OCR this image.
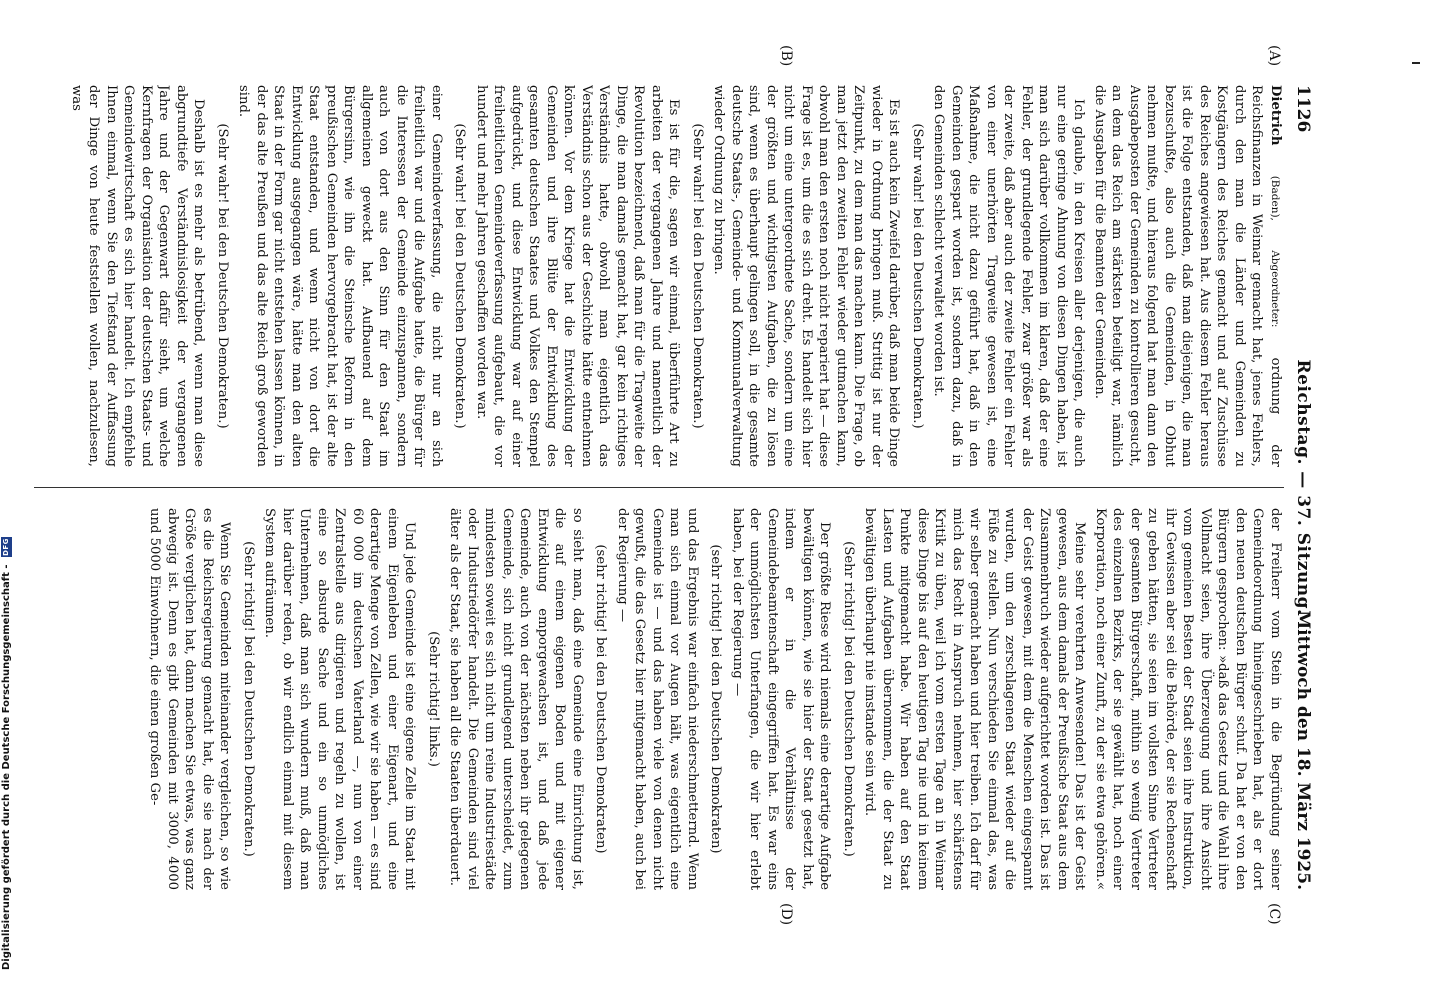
1126
Reichstag. — 37. Sitzung.
Mittwoch den 18. März 1925.
(A)
(B)
(C)
(D)

Dietrich (Baden), Abgeordneter: ordnung der Reichsfinanzen in Weimar gemacht hat, jenes Fehlers, durch den man die Länder und Gemeinden zu Kostgängern des Reiches gemacht und auf Zuschüsse des Reiches angewiesen hat. Aus diesem Fehler heraus ist die Folge entstanden, daß man diejenigen, die man bezuschußte, also auch die Gemeinden, in Obhut nehmen mußte, und hieraus folgend hat man dann den Ausgabeposten der Gemeinden zu kontrollieren gesucht, an dem das Reich am stärksten beteiligt war, nämlich die Ausgaben für die Beamten der Gemeinden.

Ich glaube, in den Kreisen aller derjenigen, die auch nur eine geringe Ahnung von diesen Dingen haben, ist man sich darüber vollkommen im klaren, daß der eine Fehler, der grundlegende Fehler, zwar größer war als der zweite, daß aber auch der zweite Fehler ein Fehler von einer unerhörten Tragweite gewesen ist, eine Maßnahme, die nicht dazu geführt hat, daß in den Gemeinden gespart worden ist, sondern dazu, daß in den Gemeinden schlecht verwaltet worden ist.

(Sehr wahr! bei den Deutschen Demokraten.)

Es ist auch kein Zweifel darüber, daß man beide Dinge wieder in Ordnung bringen muß. Strittig ist nur der Zeitpunkt, zu dem man das machen kann. Die Frage, ob man jetzt den zweiten Fehler wieder gutmachen kann, obwohl man den ersten noch nicht repariert hat — diese Frage ist es, um die es sich dreht. Es handelt sich hier nicht um eine untergeordnete Sache, sondern um eine der größten und wichtigsten Aufgaben, die zu lösen sind, wenn es überhaupt gelingen soll, in die gesamte deutsche Staats-, Gemeinde- und Kommunalverwaltung wieder Ordnung zu bringen.

(Sehr wahr! bei den Deutschen Demokraten.)

Es ist für die, sagen wir einmal, überführte Art zu arbeiten der vergangenen Jahre und namentlich der Revolution bezeichnend, daß man für die Tragweite der Dinge, die man damals gemacht hat, gar kein richtiges Verständnis hatte, obwohl man eigentlich das Verständnis schon aus der Geschichte hätte entnehmen können. Vor dem Kriege hat die Entwicklung der Gemeinden und ihre Blüte der Entwicklung des gesamten deutschen Staates und Volkes den Stempel aufgedrückt, und diese Entwicklung war auf einer freiheitlichen Gemeindeverfassung aufgebaut, die vor hundert und mehr Jahren geschaffen worden war.

(Sehr wahr! bei den Deutschen Demokraten.)

einer Gemeindeverfassung, die nicht nur an sich freiheitlich war und die Aufgabe hatte, die Bürger für die Interessen der Gemeinde einzuspannen, sondern auch von dort aus den Sinn für den Staat im allgemeinen geweckt hat. Aufbauend auf dem Bürgersinn, wie ihn die Steinsche Reform in den preußischen Gemeinden hervorgebracht hat, ist der alte Staat entstanden, und wenn nicht von dort die Entwicklung ausgegangen wäre, hätte man den alten Staat in der Form gar nicht entstehen lassen können, in der das alte Preußen und das alte Reich groß geworden sind.

(Sehr wahr! bei den Deutschen Demokraten.)

Deshalb ist es mehr als betrübend, wenn man diese abgrundtiefe Verständnislosigkeit der vergangenen Jahre und der Gegenwart dafür sieht, um welche Kernfragen der Organisation der deutschen Staats- und Gemeindewirtschaft es sich hier handelt. Ich empfehle Ihnen einmal, wenn Sie den Tiefstand der Auffassung der Dinge von heute feststellen wollen, nachzulesen, was

der Freiherr vom Stein in die Begründung seiner Gemeindeordnung hineingeschrieben hat, als er dort den neuen deutschen Bürger schuf. Da hat er von den Bürgern gesprochen: »daß das Gesetz und die Wahl ihre Vollmacht seien, ihre Überzeugung und ihre Ansicht vom gemeinen Besten der Stadt seien ihre Instruktion, ihr Gewissen aber sei die Behörde, der sie Rechenschaft zu geben hätten, sie seien im vollsten Sinne Vertreter der gesamten Bürgerschaft, mithin so wenig Vertreter des einzelnen Bezirks, der sie gewählt hat, noch einer Korporation, noch einer Zunft, zu der sie etwa gehören.«

Meine sehr verehrten Anwesenden! Das ist der Geist gewesen, aus dem damals der Preußische Staat aus dem Zusammenbruch wieder aufgerichtet worden ist. Das ist der Geist gewesen, mit dem die Menschen eingespannt wurden, um den zerschlagenen Staat wieder auf die Füße zu stellen. Nun verschieden Sie einmal das, was wir selber gemacht haben und hier treiben. Ich darf für mich das Recht in Anspruch nehmen, hier schärfstens Kritik zu üben, weil ich vom ersten Tage an in Weimar diese Dinge bis auf den heutigen Tag nie und in keinem Punkte mitgemacht habe. Wir haben auf den Staat Lasten und Aufgaben übernommen, die der Staat zu bewältigen überhaupt nie imstande sein wird.

(Sehr richtig! bei den Deutschen Demokraten.)

Der größte Riese wird niemals eine derartige Aufgabe bewältigen können, wie sie hier der Staat gesetzt hat, indem er in die Verhältnisse der Gemeindebeamtenschaft eingegriffen hat. Es war eins der unmöglichsten Unterfangen, die wir hier erlebt haben, bei der Regierung —

(sehr richtig! bei den Deutschen Demokraten)

und das Ergebnis war einfach niederschmetternd. Wenn man sich einmal vor Augen hält, was eigentlich eine Gemeinde ist — und das haben viele von denen nicht gewußt, die das Gesetz hier mitgemacht haben, auch bei der Regierung —

(sehr richtig! bei den Deutschen Demokraten)

so sieht man, daß eine Gemeinde eine Einrichtung ist, die auf einem eigenen Boden und mit eigener Entwicklung emporgewachsen ist, und daß jede Gemeinde, auch von der nächsten neben ihr gelegenen Gemeinde, sich nicht grundlegend unterscheidet, zum mindesten soweit es sich nicht um reine Industriestädte oder Industriedörfer handelt. Die Gemeinden sind viel älter als der Staat, sie haben all die Staaten überdauert.

(Sehr richtig! links.)

Und jede Gemeinde ist eine eigene Zelle im Staat mit einem Eigenleben und einer Eigenart, und eine derartige Menge von Zellen, wie wir sie haben — es sind 60 000 im deutschen Vaterland —, nun von einer Zentralstelle aus dirigieren und regeln zu wollen, ist eine so absurde Sache und ein so unmögliches Unternehmen, daß man sich wundern muß, daß man hier darüber reden, ob wir endlich einmal mit diesem System aufräumen.

(Sehr richtig! bei den Deutschen Demokraten.)

Wenn Sie Gemeinden miteinander vergleichen, so wie es die Reichsregierung gemacht hat, die sie nach der Größe verglichen hat, dann machen Sie etwas, was ganz abwegig ist. Denn es gibt Gemeinden mit 3000, 4000 und 5000 Einwohnern, die einen großen Ge-

Digitalisierung gefördert durch die Deutsche Forschungsgemeinschaft - DFG
